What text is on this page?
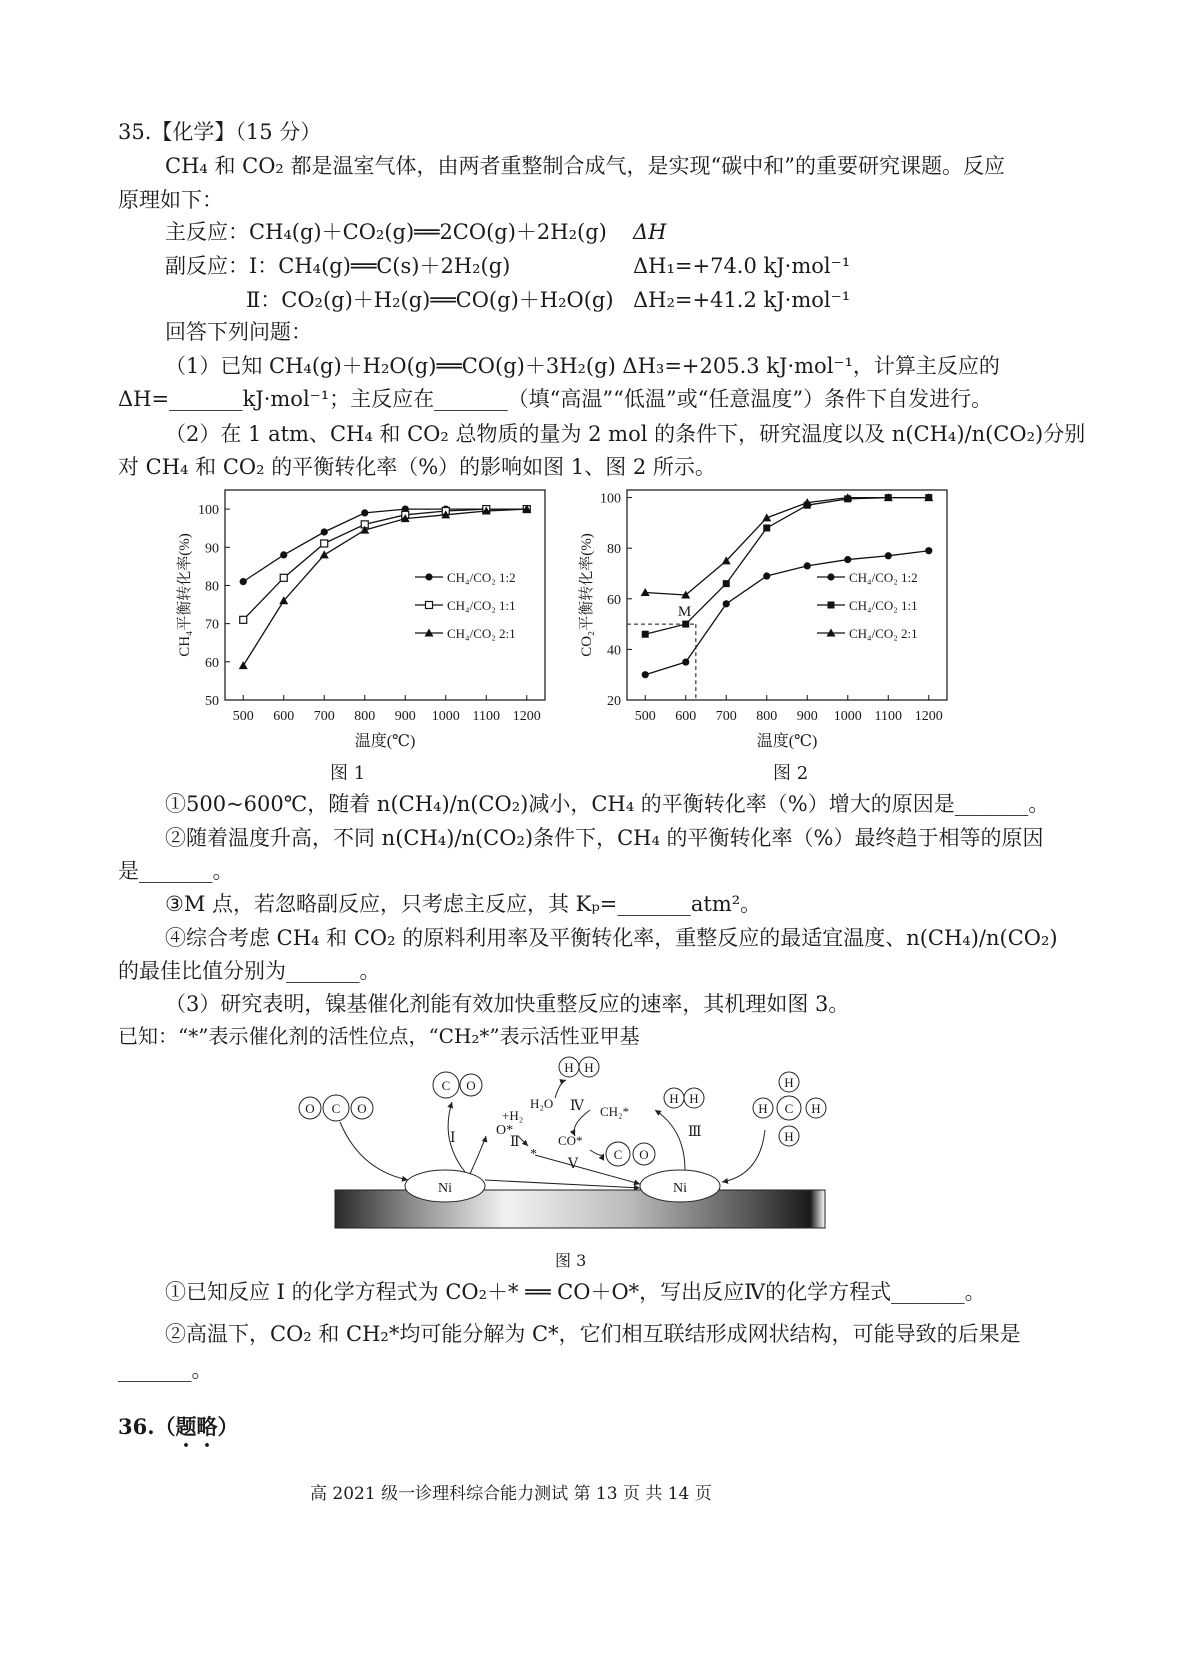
35.【化学】（15 分）
CH₄ 和 CO₂ 都是温室气体，由两者重整制合成气，是实现“碳中和”的重要研究课题。反应
原理如下：
主反应：CH₄(g)＋CO₂(g)══2CO(g)＋2H₂(g) ΔH
副反应：Ⅰ：CH₄(g)══C(s)＋2H₂(g)	ΔH₁=+74.0 kJ·mol⁻¹
Ⅱ：CO₂(g)＋H₂(g)══CO(g)＋H₂O(g) ΔH₂=+41.2 kJ·mol⁻¹
回答下列问题：
（1）已知 CH₄(g)＋H₂O(g)══CO(g)＋3H₂(g) ΔH₃=+205.3 kJ·mol⁻¹，计算主反应的
ΔH=_______kJ·mol⁻¹；主反应在_______（填“高温”“低温”或“任意温度”）条件下自发进行。
（2）在 1 atm、CH₄ 和 CO₂ 总物质的量为 2 mol 的条件下，研究温度以及 n(CH₄)/n(CO₂)分别
对 CH₄ 和 CO₂ 的平衡转化率（%）的影响如图 1、图 2 所示。
500 600 700 800 900 1000 1100 1200
50
60
70
80
90
100
温度(℃)
CH₄平衡转化率(%)	CH₄/CO₂ 1:2
CH₄/CO₂ 1:1
CH₄/CO₂ 2:1
500 600 700 800 900 1000 1100 1200
20
40
60
80
100
温度(℃)
CO₂平衡转化率(%)	M
CH₄/CO₂ 1:2
CH₄/CO₂ 1:1
CH₄/CO₂ 2:1
图 1	图 2
①500~600℃，随着 n(CH₄)/n(CO₂)减小，CH₄ 的平衡转化率（%）增大的原因是_______。
②随着温度升高，不同 n(CH₄)/n(CO₂)条件下，CH₄ 的平衡转化率（%）最终趋于相等的原因
是_______。
③M 点，若忽略副反应，只考虑主反应，其 Kₚ=_______atm²。
④综合考虑 CH₄ 和 CO₂ 的原料利用率及平衡转化率，重整反应的最适宜温度、n(CH₄)/n(CO₂)
的最佳比值分别为_______。
（3）研究表明，镍基催化剂能有效加快重整反应的速率，其机理如图 3。
已知：“*”表示催化剂的活性位点，“CH₂*”表示活性亚甲基
Ni	Ni
O C O
C O
H H
H H
H
H C H
H
C O
Ⅰ
O*
+H₂
Ⅱ
*
H₂O Ⅳ CH₂*
CO*
Ⅴ
Ⅲ
图 3
①已知反应 I 的化学方程式为 CO₂＋* ══ CO＋O*，写出反应Ⅳ的化学方程式_______。
②高温下，CO₂ 和 CH₂*均可能分解为 C*，它们相互联结形成网状结构，可能导致的后果是
_______。
36.（题略）
高 2021 级一诊理科综合能力测试 第 13 页 共 14 页
